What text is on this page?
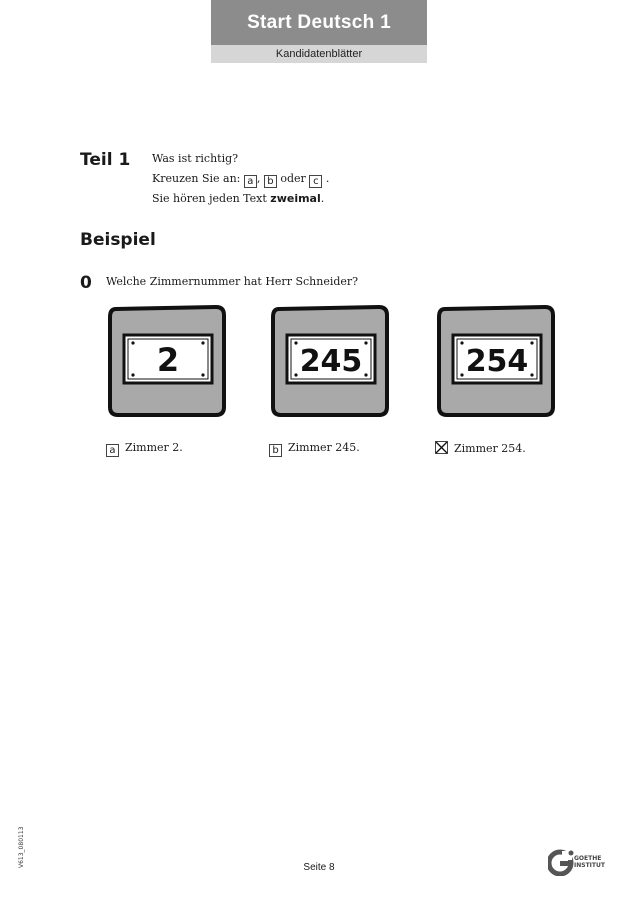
Start Deutsch 1
Kandidatenblätter
Teil 1 Was ist richtig?
Kreuzen Sie an: a , b oder c .
Sie hören jeden Text zweimal.
Beispiel
0 Welche Zimmernummer hat Herr Schneider?
2	245	254
a Zimmer 2.	b Zimmer 245.	Zimmer 254.
V613_080113	Seite 8
GOETHE
INSTITUT
